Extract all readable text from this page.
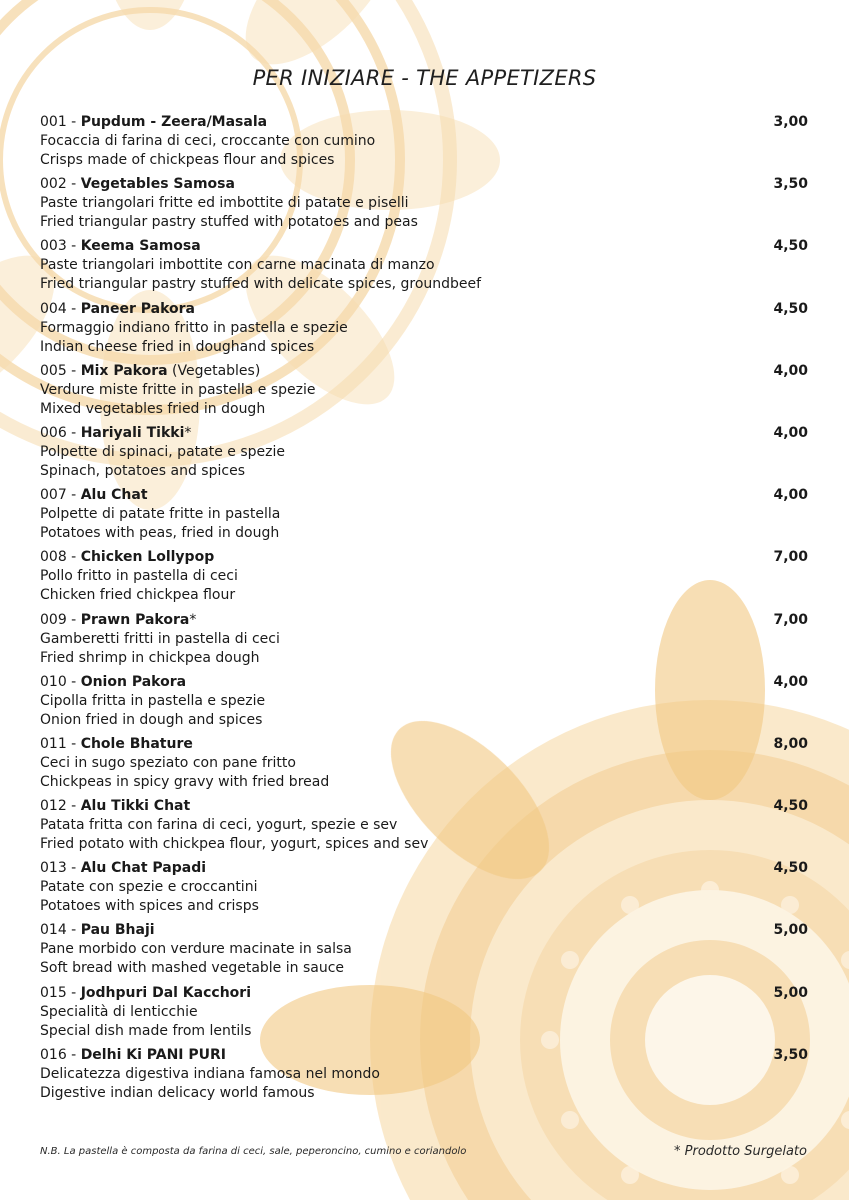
PER INIZIARE - THE APPETIZERS
001 - Pupdum - Zeera/Masala
Focaccia di farina di ceci, croccante con cumino
Crisps made of chickpeas flour and spices
3,00
002 - Vegetables Samosa
Paste triangolari fritte ed imbottite di patate e piselli
Fried triangular pastry stuffed with potatoes and peas
3,50
003 - Keema Samosa
Paste triangolari imbottite con carne macinata di manzo
Fried triangular pastry stuffed with delicate spices, groundbeef
4,50
004 - Paneer Pakora
Formaggio indiano fritto in pastella e spezie
Indian cheese fried in doughand spices
4,50
005 - Mix Pakora (Vegetables)
Verdure miste fritte in pastella e spezie
Mixed vegetables fried in dough
4,00
006 - Hariyali Tikki*
Polpette di spinaci, patate e spezie
Spinach, potatoes and spices
4,00
007 - Alu Chat
Polpette di patate fritte in pastella
Potatoes with peas, fried in dough
4,00
008 - Chicken Lollypop
Pollo fritto in pastella di ceci
Chicken fried chickpea flour
7,00
009 - Prawn Pakora*
Gamberetti fritti in pastella di ceci
Fried shrimp in chickpea dough
7,00
010 - Onion Pakora
Cipolla fritta in pastella e spezie
Onion fried in dough and spices
4,00
011 - Chole Bhature
Ceci in sugo speziato con pane fritto
Chickpeas in spicy gravy with fried bread
8,00
012 - Alu Tikki Chat
Patata fritta con farina di ceci, yogurt, spezie e sev
Fried potato with chickpea flour, yogurt, spices and sev
4,50
013 - Alu Chat Papadi
Patate con spezie e croccantini
Potatoes with spices and crisps
4,50
014 - Pau Bhaji
Pane morbido con verdure macinate in salsa
Soft bread with mashed vegetable in sauce
5,00
015 - Jodhpuri Dal Kacchori
Specialità di lenticchie
Special dish made from lentils
5,00
016 - Delhi Ki PANI PURI
Delicatezza digestiva indiana famosa nel mondo
Digestive indian delicacy world famous
3,50
N.B. La pastella è composta da farina di ceci, sale, peperoncino, cumino e coriandolo	* Prodotto Surgelato
